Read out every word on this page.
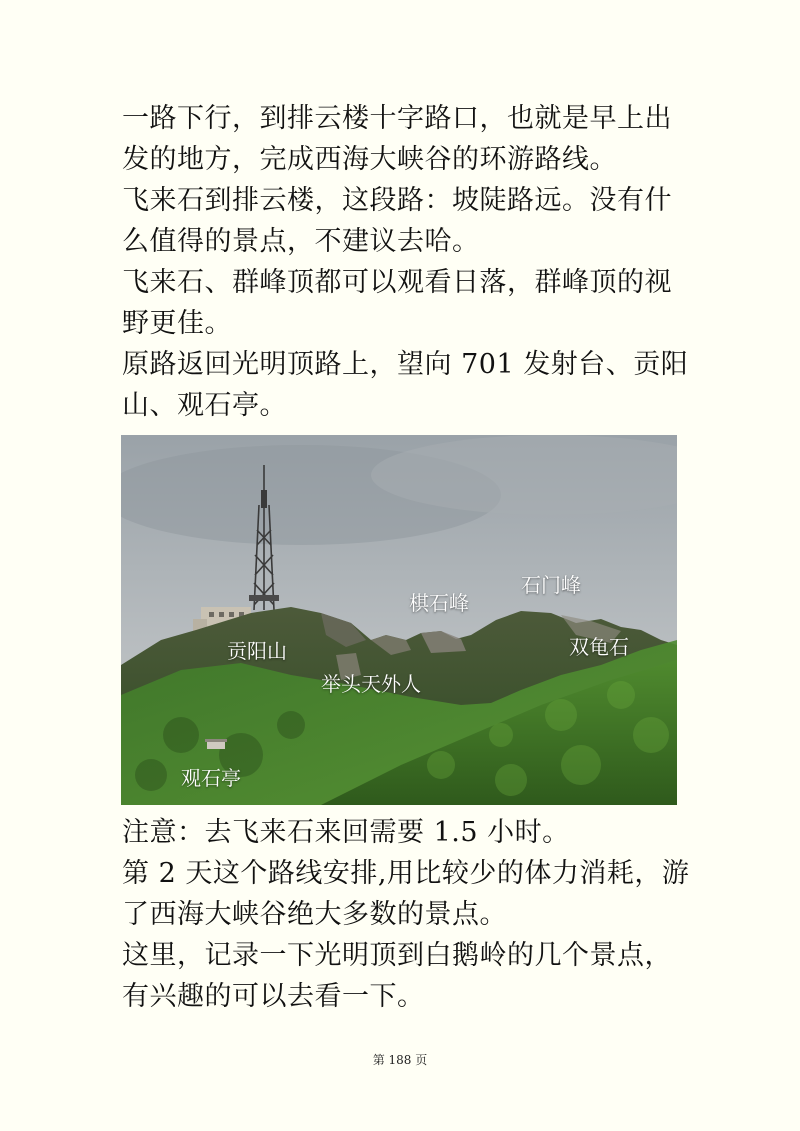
一路下行，到排云楼十字路口，也就是早上出发的地方，完成西海大峡谷的环游路线。

飞来石到排云楼，这段路：坡陡路远。没有什么值得的景点，不建议去哈。

飞来石、群峰顶都可以观看日落，群峰顶的视野更佳。

原路返回光明顶路上，望向 701 发射台、贡阳山、观石亭。

贡阳山
棋石峰
石门峰
双龟石
举头天外人
观石亭

注意：去飞来石来回需要 1.5 小时。

第 2 天这个路线安排,用比较少的体力消耗，游了西海大峡谷绝大多数的景点。

这里，记录一下光明顶到白鹅岭的几个景点，有兴趣的可以去看一下。

第 188 页
